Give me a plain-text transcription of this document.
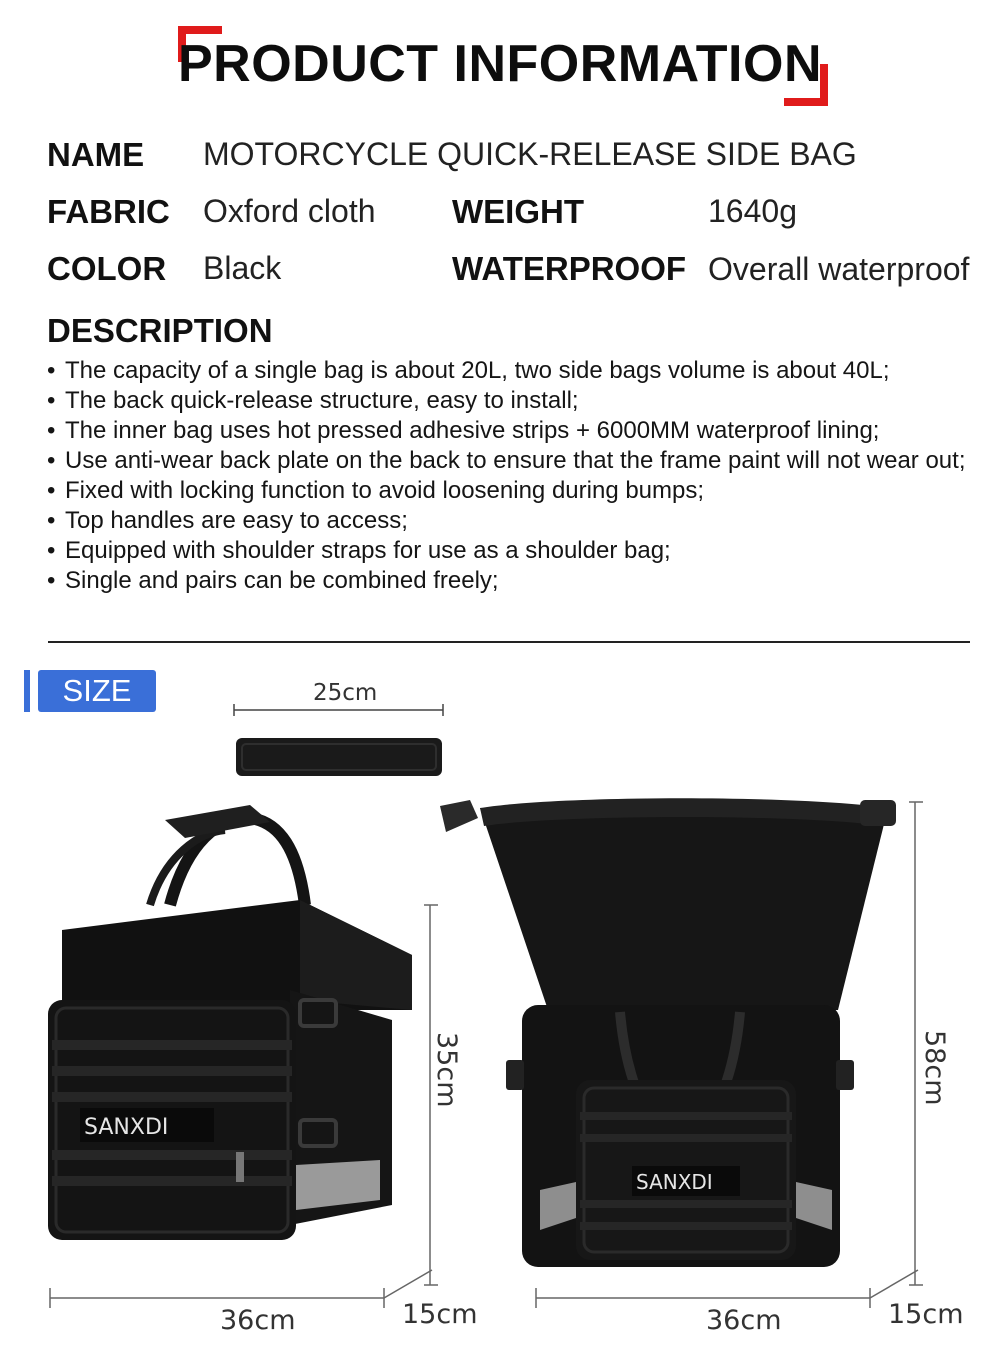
PRODUCT INFORMATION
NAME MOTORCYCLE QUICK-RELEASE SIDE BAG
FABRIC Oxford cloth WEIGHT	1640g
COLOR Black	WATERPROOF Overall waterproof
DESCRIPTION
• The capacity of a single bag is about 20L, two side bags volume is about 40L;
• The back quick-release structure, easy to install;
• The inner bag uses hot pressed adhesive strips + 6000MM waterproof lining;
• Use anti-wear back plate on the back to ensure that the frame paint will not wear out;
• Fixed with locking function to avoid loosening during bumps;
• Top handles are easy to access;
• Equipped with shoulder straps for use as a shoulder bag;
• Single and pairs can be combined freely;
SIZE
SANXDI
SANXDI
25cm
35cm
36cm	15cm
58cm
36cm	15cm
